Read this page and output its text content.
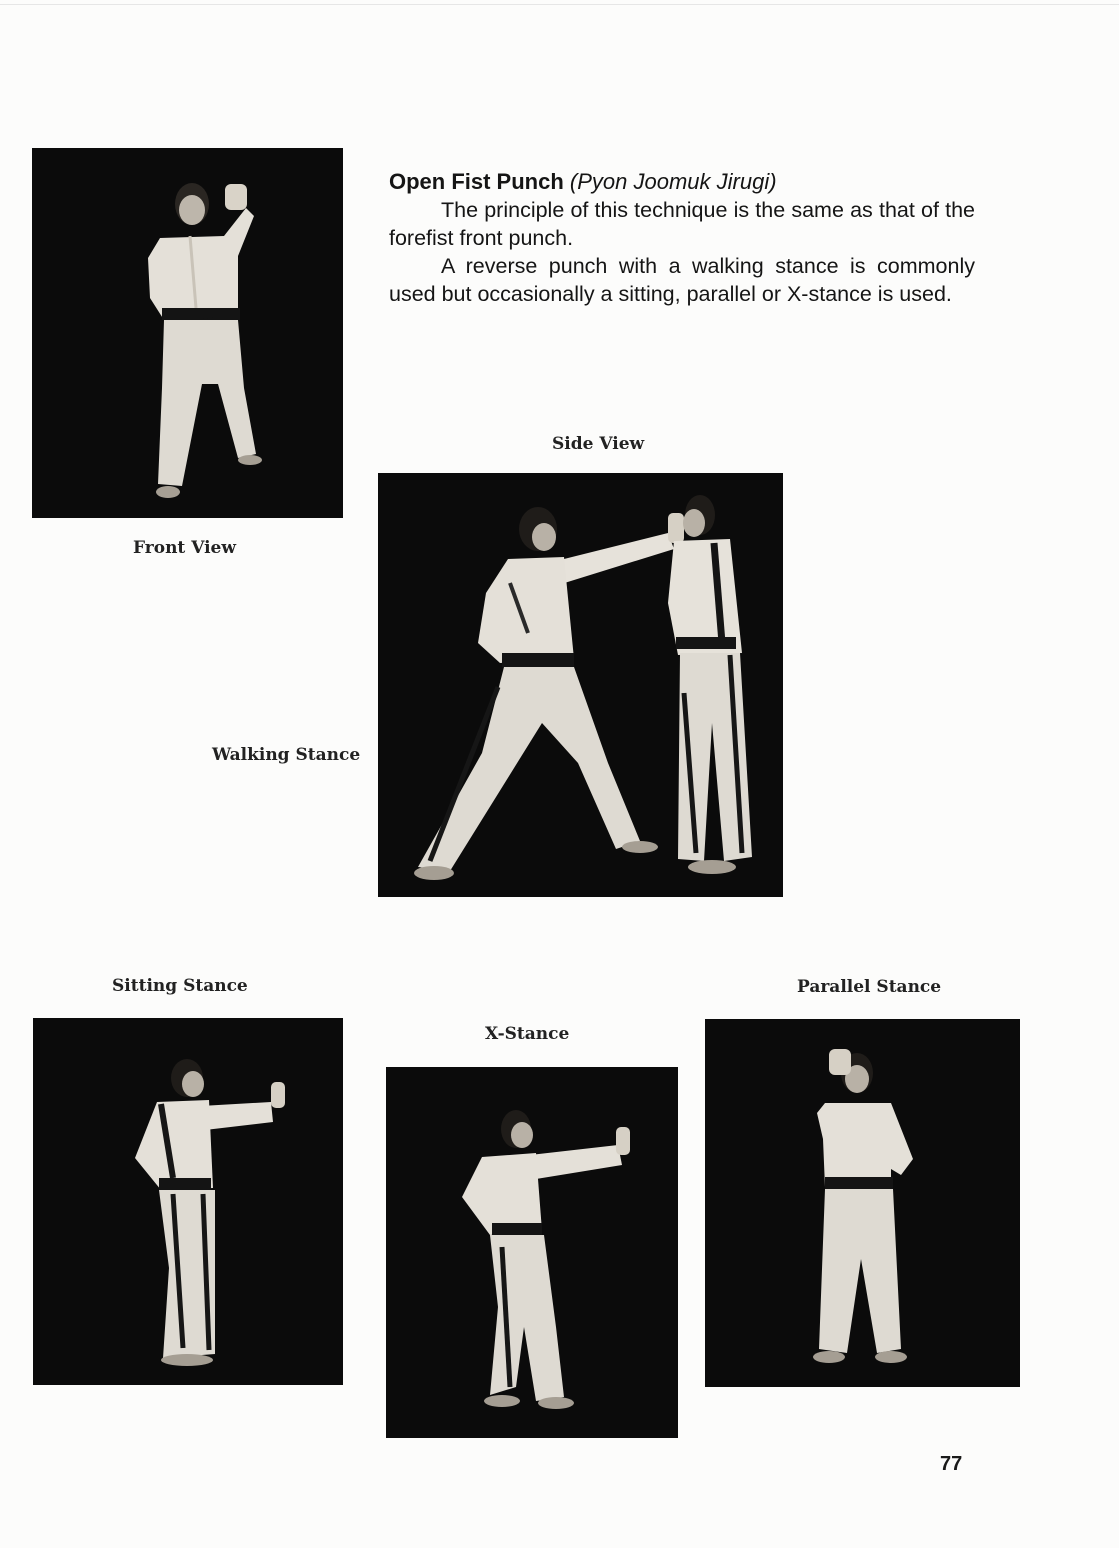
Front View
Open Fist Punch (Pyon Joomuk Jirugi)

The principle of this technique is the same as that of the forefist front punch.

A reverse punch with a walking stance is commonly used but occasionally a sitting, parallel or X-stance is used.

Side View
Walking Stance
Sitting Stance
X-Stance
Parallel Stance
77
